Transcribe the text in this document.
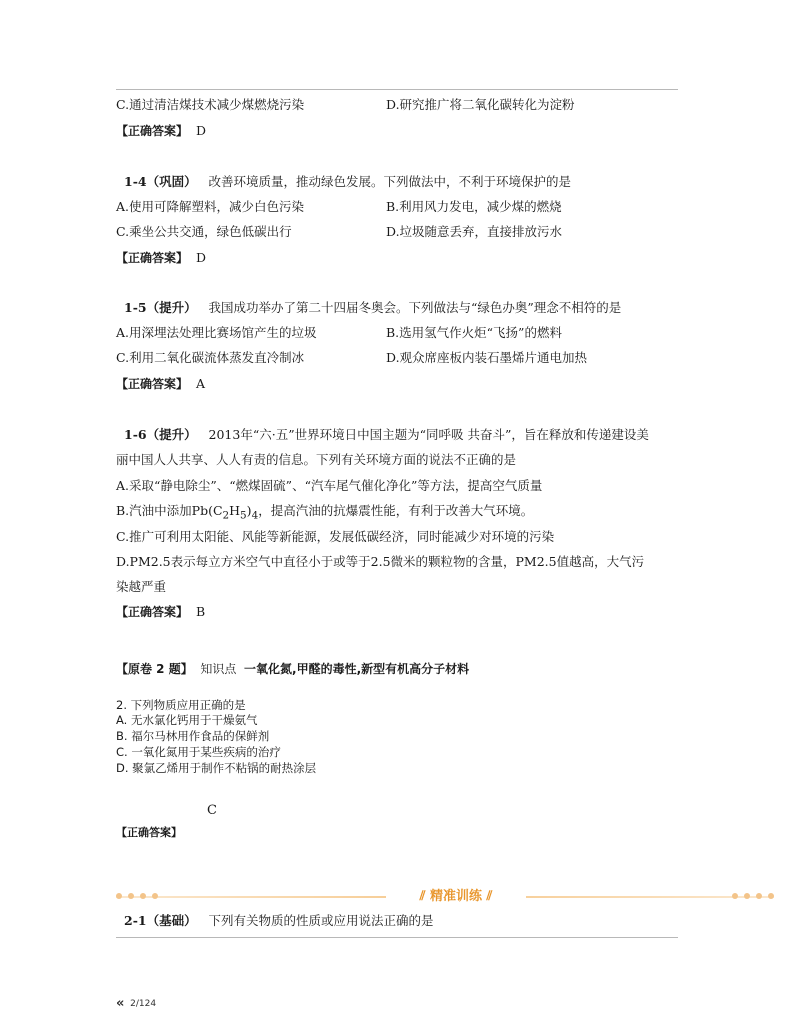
C.通过清洁煤技术减少煤燃烧污染	D.研究推广将二氧化碳转化为淀粉
【正确答案】 D
1-4（巩固） 改善环境质量，推动绿色发展。下列做法中，不利于环境保护的是
A.使用可降解塑料，减少白色污染	B.利用风力发电，减少煤的燃烧
C.乘坐公共交通，绿色低碳出行	D.垃圾随意丢弃，直接排放污水
【正确答案】 D
1-5（提升） 我国成功举办了第二十四届冬奥会。下列做法与“绿色办奥”理念不相符的是
A.用深埋法处理比赛场馆产生的垃圾	B.选用氢气作火炬“飞扬”的燃料
C.利用二氧化碳流体蒸发直冷制冰	D.观众席座板内装石墨烯片通电加热
【正确答案】 A
1-6（提升） 2013年“六·五”世界环境日中国主题为“同呼吸 共奋斗”，旨在释放和传递建设美
丽中国人人共享、人人有责的信息。下列有关环境方面的说法不正确的是
A.采取“静电除尘”、“燃煤固硫”、“汽车尾气催化净化”等方法，提高空气质量
B.汽油中添加$Pb(C_2H_5)_4$，提高汽油的抗爆震性能，有利于改善大气环境。
C.推广可利用太阳能、风能等新能源，发展低碳经济，同时能减少对环境的污染
D.PM2.5表示每立方米空气中直径小于或等于2.5微米的颗粒物的含量，PM2.5值越高，大气污
染越严重
【正确答案】 B
【原卷 2 题】 知识点 一氧化氮,甲醛的毒性,新型有机高分子材料
2. 下列物质应用正确的是
A. 无水氯化钙用于干燥氨气
B. 福尔马林用作食品的保鲜剂
C. 一氧化氮用于某些疾病的治疗
D. 聚氯乙烯用于制作不粘锅的耐热涂层
C
【正确答案】
⫽ 精准训练 ⫽
2-1（基础） 下列有关物质的性质或应用说法正确的是
« 2/124
